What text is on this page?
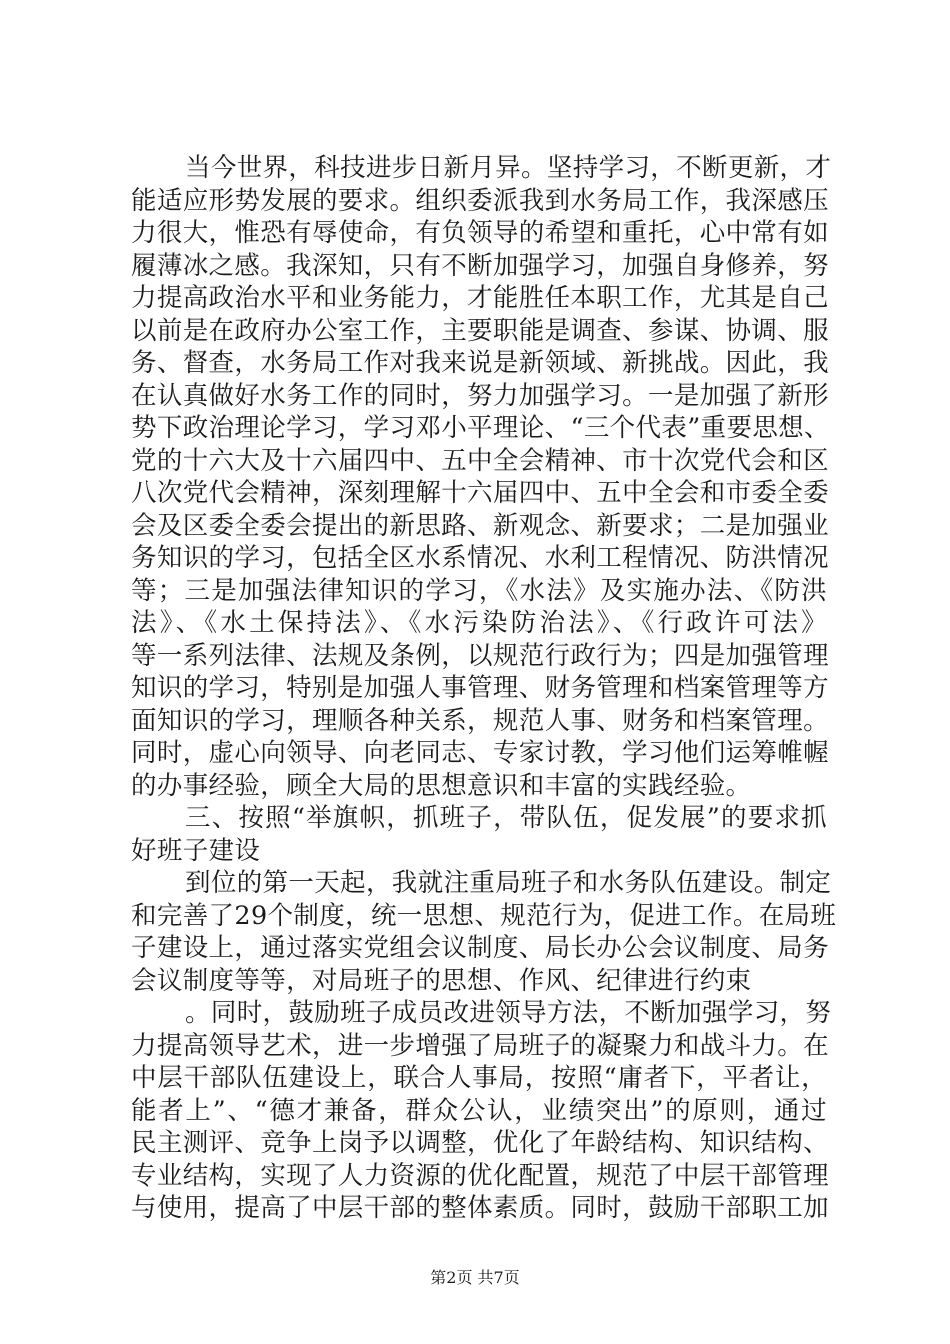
当今世界，科技进步日新月异。坚持学习，不断更新，才
能适应形势发展的要求。组织委派我到水务局工作，我深感压
力很大，惟恐有辱使命，有负领导的希望和重托，心中常有如
履薄冰之感。我深知，只有不断加强学习，加强自身修养，努
力提高政治水平和业务能力，才能胜任本职工作，尤其是自己
以前是在政府办公室工作，主要职能是调查、参谋、协调、服
务、督查，水务局工作对我来说是新领域、新挑战。因此，我
在认真做好水务工作的同时，努力加强学习。一是加强了新形
势下政治理论学习，学习邓小平理论、“三个代表”重要思想、
党的十六大及十六届四中、五中全会精神、市十次党代会和区
八次党代会精神，深刻理解十六届四中、五中全会和市委全委
会及区委全委会提出的新思路、新观念、新要求；二是加强业
务知识的学习，包括全区水系情况、水利工程情况、防洪情况
等；三是加强法律知识的学习，《水法》及实施办法、《防洪
法》、《水土保持法》、《水污染防治法》、《行政许可法》
等一系列法律、法规及条例，以规范行政行为；四是加强管理
知识的学习，特别是加强人事管理、财务管理和档案管理等方
面知识的学习，理顺各种关系，规范人事、财务和档案管理。
同时，虚心向领导、向老同志、专家讨教，学习他们运筹帷幄
的办事经验，顾全大局的思想意识和丰富的实践经验。
三、按照“举旗帜，抓班子，带队伍，促发展”的要求抓
好班子建设
到位的第一天起，我就注重局班子和水务队伍建设。制定
和完善了29个制度，统一思想、规范行为，促进工作。在局班
子建设上，通过落实党组会议制度、局长办公会议制度、局务
会议制度等等，对局班子的思想、作风、纪律进行约束
。同时，鼓励班子成员改进领导方法，不断加强学习，努
力提高领导艺术，进一步增强了局班子的凝聚力和战斗力。在
中层干部队伍建设上，联合人事局，按照“庸者下，平者让，
能者上”、“德才兼备，群众公认，业绩突出”的原则，通过
民主测评、竞争上岗予以调整，优化了年龄结构、知识结构、
专业结构，实现了人力资源的优化配置，规范了中层干部管理
与使用，提高了中层干部的整体素质。同时，鼓励干部职工加
第2页 共7页
